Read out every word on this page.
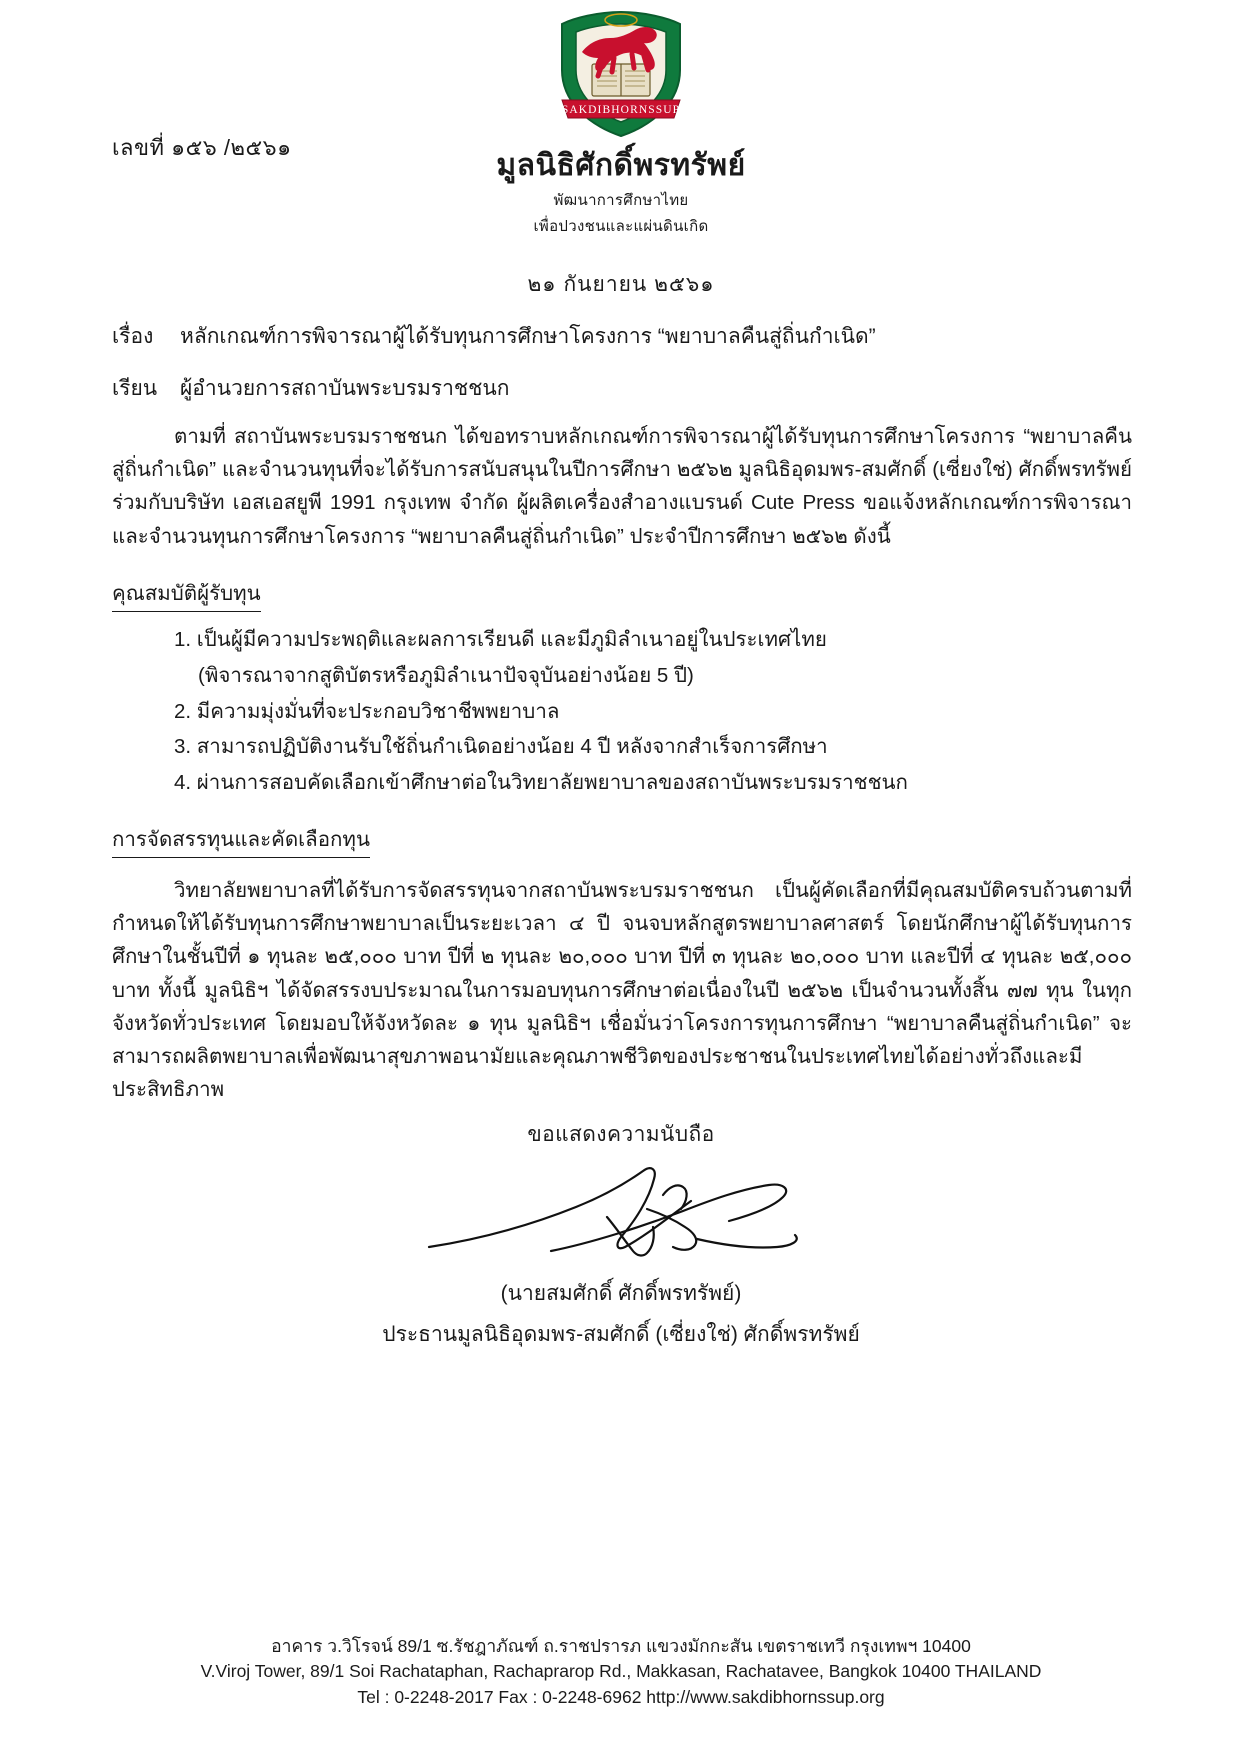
SAKDIBHORNSSUP
เลขที่ ๑๕๖ /๒๕๖๑
มูลนิธิศักดิ์พรทรัพย์
พัฒนาการศึกษาไทย
เพื่อปวงชนและแผ่นดินเกิด
๒๑ กันยายน ๒๕๖๑
เรื่อง หลักเกณฑ์การพิจารณาผู้ได้รับทุนการศึกษาโครงการ “พยาบาลคืนสู่ถิ่นกำเนิด”
เรียน ผู้อำนวยการสถาบันพระบรมราชชนก

ตามที่ สถาบันพระบรมราชชนก ได้ขอทราบหลักเกณฑ์การพิจารณาผู้ได้รับทุนการศึกษาโครงการ “พยาบาลคืนสู่ถิ่นกำเนิด” และจำนวนทุนที่จะได้รับการสนับสนุนในปีการศึกษา ๒๕๖๒ มูลนิธิอุดมพร-สมศักดิ์ (เซี่ยงใช่) ศักดิ์พรทรัพย์ ร่วมกับบริษัท เอสเอสยูพี 1991 กรุงเทพ จำกัด ผู้ผลิตเครื่องสำอางแบรนด์ Cute Press ขอแจ้งหลักเกณฑ์การพิจารณาและจำนวนทุนการศึกษาโครงการ “พยาบาลคืนสู่ถิ่นกำเนิด” ประจำปีการศึกษา ๒๕๖๒ ดังนี้

คุณสมบัติผู้รับทุน
1. เป็นผู้มีความประพฤติและผลการเรียนดี และมีภูมิลำเนาอยู่ในประเทศไทย
(พิจารณาจากสูติบัตรหรือภูมิลำเนาปัจจุบันอย่างน้อย 5 ปี)
2. มีความมุ่งมั่นที่จะประกอบวิชาชีพพยาบาล
3. สามารถปฏิบัติงานรับใช้ถิ่นกำเนิดอย่างน้อย 4 ปี หลังจากสำเร็จการศึกษา
4. ผ่านการสอบคัดเลือกเข้าศึกษาต่อในวิทยาลัยพยาบาลของสถาบันพระบรมราชชนก
การจัดสรรทุนและคัดเลือกทุน

วิทยาลัยพยาบาลที่ได้รับการจัดสรรทุนจากสถาบันพระบรมราชชนก เป็นผู้คัดเลือกที่มีคุณสมบัติครบถ้วนตามที่กำหนดให้ได้รับทุนการศึกษาพยาบาลเป็นระยะเวลา ๔ ปี จนจบหลักสูตรพยาบาลศาสตร์ โดยนักศึกษาผู้ได้รับทุนการศึกษาในชั้นปีที่ ๑ ทุนละ ๒๕,๐๐๐ บาท ปีที่ ๒ ทุนละ ๒๐,๐๐๐ บาท ปีที่ ๓ ทุนละ ๒๐,๐๐๐ บาท และปีที่ ๔ ทุนละ ๒๕,๐๐๐ บาท ทั้งนี้ มูลนิธิฯ ได้จัดสรรงบประมาณในการมอบทุนการศึกษาต่อเนื่องในปี ๒๕๖๒ เป็นจำนวนทั้งสิ้น ๗๗ ทุน ในทุกจังหวัดทั่วประเทศ โดยมอบให้จังหวัดละ ๑ ทุน มูลนิธิฯ เชื่อมั่นว่าโครงการทุนการศึกษา “พยาบาลคืนสู่ถิ่นกำเนิด” จะสามารถผลิตพยาบาลเพื่อพัฒนาสุขภาพอนามัยและคุณภาพชีวิตของประชาชนในประเทศไทยได้อย่างทั่วถึงและมีประสิทธิภาพ

ขอแสดงความนับถือ
(นายสมศักดิ์ ศักดิ์พรทรัพย์)
ประธานมูลนิธิอุดมพร-สมศักดิ์ (เซี่ยงใช่) ศักดิ์พรทรัพย์
อาคาร ว.วิโรจน์ 89/1 ซ.รัชฎาภัณฑ์ ถ.ราชปรารภ แขวงมักกะสัน เขตราชเทวี กรุงเทพฯ 10400
V.Viroj Tower, 89/1 Soi Rachataphan, Rachaprarop Rd., Makkasan, Rachatavee, Bangkok 10400 THAILAND
Tel : 0-2248-2017 Fax : 0-2248-6962 http://www.sakdibhornssup.org
